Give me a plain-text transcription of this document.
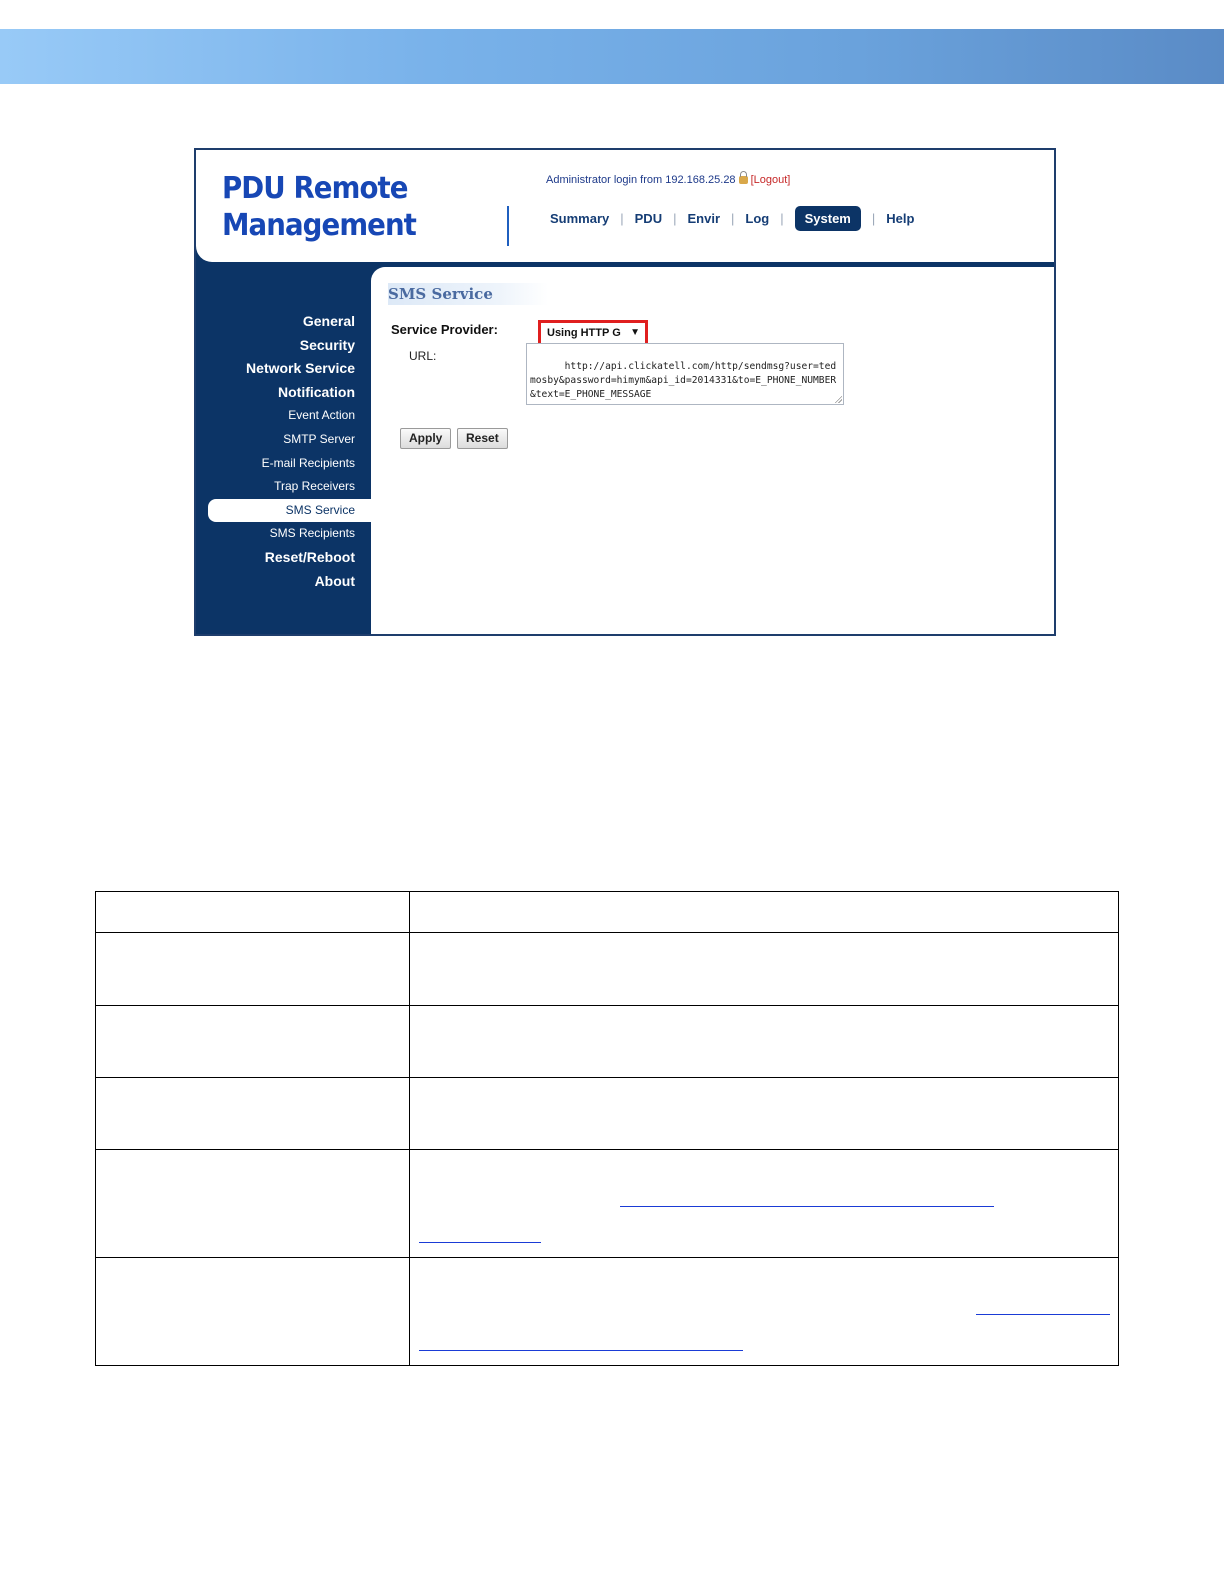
PDU Remote
Management
Administrator login from 192.168.25.28 [Logout]
Summary | PDU | Envir | Log |	System	| Help
General
Security
Network Service
Notification
Event Action
SMTP Server
E-mail Recipients
Trap Receivers
SMS Service
SMS Recipients
Reset/Reboot
About
SMS Service
Service Provider:	Using HTTP G ▼
URL:

http://api.clickatell.com/http/sendmsg?user=tedmosby&password=himym&api_id=2014331&to=E_PHONE_NUMBER&text=E_PHONE_MESSAGE

Apply	Reset
